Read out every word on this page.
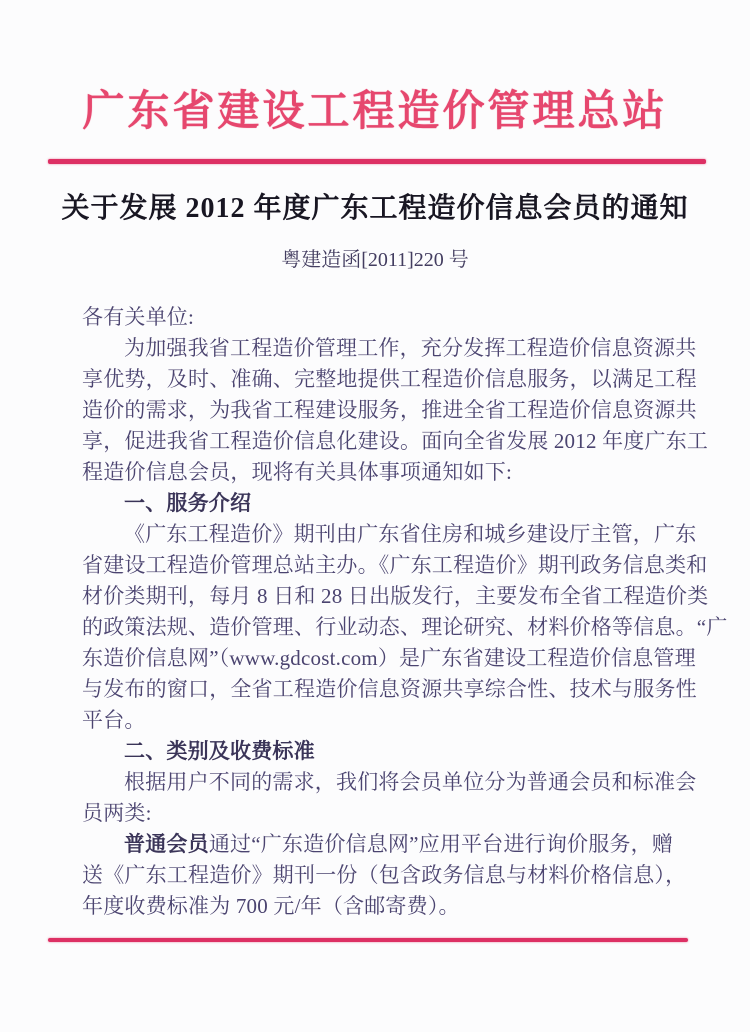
广东省建设工程造价管理总站
关于发展 2012 年度广东工程造价信息会员的通知
粤建造函[2011]220 号
各有关单位:
为加强我省工程造价管理工作，充分发挥工程造价信息资源共
享优势，及时、准确、完整地提供工程造价信息服务，以满足工程
造价的需求，为我省工程建设服务，推进全省工程造价信息资源共
享，促进我省工程造价信息化建设。面向全省发展 2012 年度广东工
程造价信息会员，现将有关具体事项通知如下:
一、服务介绍
《广东工程造价》期刊由广东省住房和城乡建设厅主管，广东
省建设工程造价管理总站主办。《广东工程造价》期刊政务信息类和
材价类期刊，每月 8 日和 28 日出版发行，主要发布全省工程造价类
的政策法规、造价管理、行业动态、理论研究、材料价格等信息。“广
东造价信息网”（www.gdcost.com）是广东省建设工程造价信息管理
与发布的窗口，全省工程造价信息资源共享综合性、技术与服务性
平台。
二、类别及收费标准
根据用户不同的需求，我们将会员单位分为普通会员和标准会
员两类:
普通会员通过“广东造价信息网”应用平台进行询价服务，赠
送《广东工程造价》期刊一份（包含政务信息与材料价格信息），
年度收费标准为 700 元/年（含邮寄费）。
